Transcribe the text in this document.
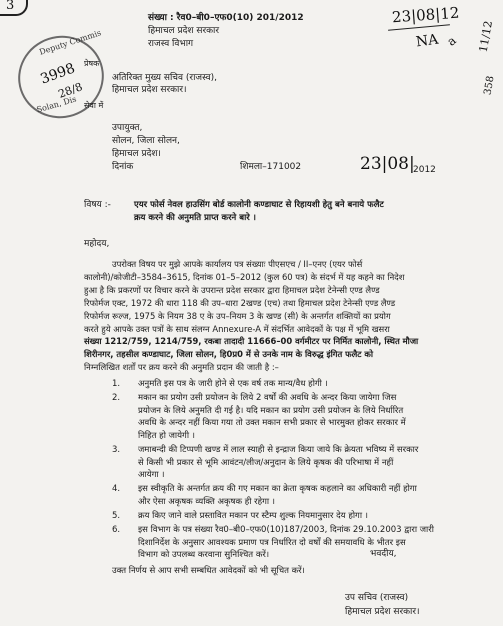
3	23|08|12
NA a 11/12
358
Deputy Commis
3998
28/8
Solan, Dis
संख्या : रैव0–बी0–एफ0(10) 201/2012
हिमाचल प्रदेश सरकार
राजस्व विभाग
प्रेषक
अतिरिक्त मुख्य सचिव (राजस्व),
हिमाचल प्रदेश सरकार।
सेवा में
उपायुक्त,
सोलन, जिला सोलन,
हिमाचल प्रदेश।
दिनांक	शिमला–171002	23|08|
2012
विषय :-	एयर फोर्स नेवल हाउसिंग बोर्ड कालोनी कण्डाघाट से रिहायशी हेतु बने बनाये फलैट
क्रय करने की अनुमति प्राप्त करने बारे ।
महोदय,
उपरोक्त विषय पर मुझे आपके कार्यालय पत्र संख्याः पीएसएच / II–एनए (एयर फोर्स
कालोनी)/कोजीटी–3584–3615, दिनांक 01–5–2012 (कुल 60 पत्र) के संदर्भ में यह कहने का निदेश
हुआ है कि प्रकरणों पर विचार करने के उपरान्त प्रदेश सरकार द्वारा हिमाचल प्रदेश टेनेन्सी एण्ड लैण्ड
रिफोर्मज एक्ट, 1972 की धारा 118 की उप–धारा 2खण्ड (एच) तथा हिमाचल प्रदेश टेनेन्सी एण्ड लैण्ड
रिफोर्मज रूल्ज, 1975 के नियम 38 ए के उप–नियम 3 के खण्ड (सी) के अन्तर्गत शक्तियों का प्रयोग
करते हुये आपके उक्त पत्रों के साथ संलग्न Annexure-A में संदर्भित आवेदकों के पक्ष में भूमि खसरा
संख्या 1212/759, 1214/759, रकबा तादादी 11666–00 वर्गमीटर पर निर्मित कालोनी, स्थित मौजा
शिरीनगर, तहसील कण्डाघाट, जिला सोलन, हि0प्र0 में से उनके नाम के विरुद्ध इंगित फलैट को
निम्नलिखित शर्तों पर क्रय करने की अनुमति प्रदान की जाती है :–
1. अनुमति इस पत्र के जारी होने से एक वर्ष तक मान्य/वैध होगी ।
2. मकान का प्रयोग उसी प्रयोजन के लिये 2 वर्षों की अवधि के अन्दर किया जायेगा जिस
प्रयोजन के लिये अनुमति दी गई है। यदि मकान का प्रयोग उसी प्रयोजन के लिये निर्धारित
अवधि के अन्दर नहीं किया गया तो उक्त मकान सभी प्रकार से भारमुक्त होकर सरकार में
निहित हो जायेगी ।
3. जमाबन्दी की टिप्पणी खण्ड में लाल स्याही से इन्द्राज किया जाये कि क्रेयता भविष्य में सरकार
से किसी भी प्रकार से भूमि आवंटन/लीज/अनुदान के लिये कृषक की परिभाषा में नहीं
आयेगा ।
4. इस स्वीकृति के अन्तर्गत क्रय की गए मकान का क्रेता कृषक कहलाने का अधिकारी नहीं होगा
और ऐसा अकृषक व्यक्ति अकृषक ही रहेगा ।
5. क्रय किए जाने वाले प्रस्तावित मकान पर स्टैम्प शुल्क नियमानुसार देय होगा ।
6. इस विभाग के पत्र संख्या रैव0–बी0–एफ0(10)187/2003, दिनांक 29.10.2003 द्वारा जारी
दिशानिर्देश के अनुसार आवश्यक प्रमाण पत्र निर्धारित दो वर्षों की समयावधि के भीतर इस
विभाग को उपलब्ध करवाना सुनिश्चित करें।
उक्त निर्णय से आप सभी सम्बधित आवेदकों को भी सूचित करें।
भवदीय,
उप सचिव (राजस्व)
हिमाचल प्रदेश सरकार।
